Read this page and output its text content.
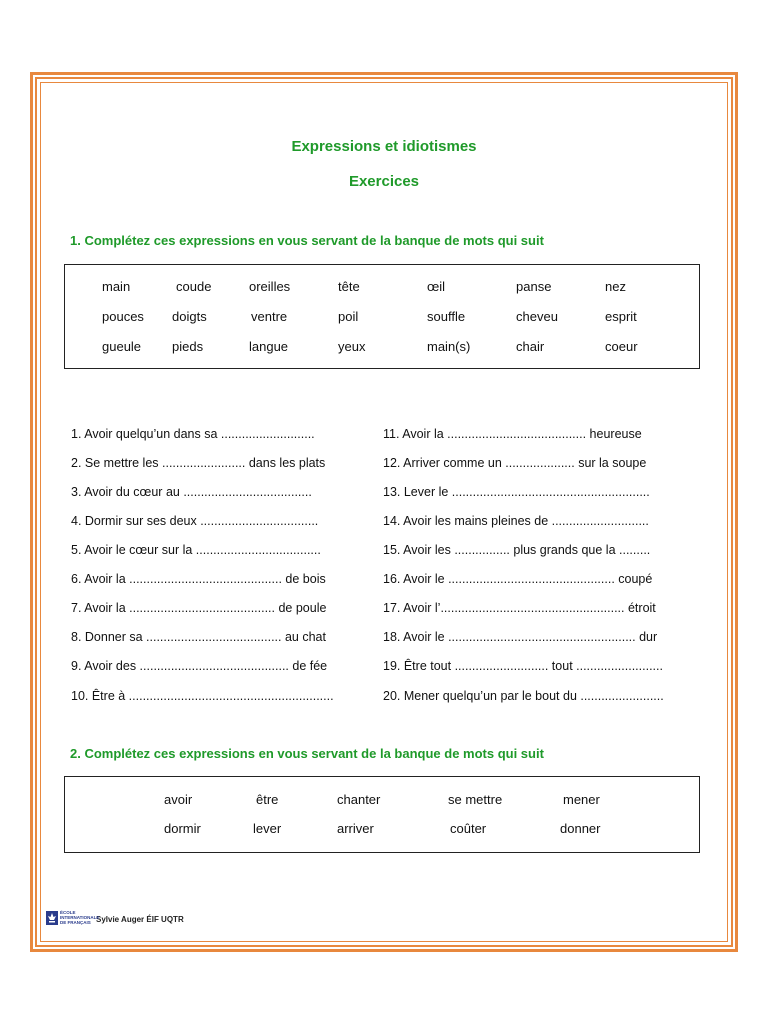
Expressions et idiotismes
Exercices
1. Complétez ces expressions en vous servant de la banque de mots qui suit
main	coude	oreilles	tête	œil	panse	nez
pouces doigts	ventre	poil	souffle	cheveu	esprit
gueule pieds	langue	yeux	main(s)	chair	coeur
1. Avoir quelqu’un dans sa ...........................
2. Se mettre les ........................ dans les plats
3. Avoir du cœur au .....................................
4. Dormir sur ses deux ..................................
5. Avoir le cœur sur la ....................................
6. Avoir la ............................................ de bois
7. Avoir la .......................................... de poule
8. Donner sa ....................................... au chat
9. Avoir des ........................................... de fée
10. Être à ...........................................................
11. Avoir la ........................................ heureuse
12. Arriver comme un .................... sur la soupe
13. Lever le .........................................................
14. Avoir les mains pleines de ............................
15. Avoir les ................ plus grands que la .........
16. Avoir le ................................................ coupé
17. Avoir l’..................................................... étroit
18. Avoir le ...................................................... dur
19. Être tout ........................... tout .........................
20. Mener quelqu’un par le bout du ........................
2. Complétez ces expressions en vous servant de la banque de mots qui suit
avoir	être	chanter	se mettre	mener
dormir	lever	arriver	coûter	donner
ÉCOLE
INTERNATIONALE
DE FRANÇAIS Sylvie Auger ÉIF UQTR
